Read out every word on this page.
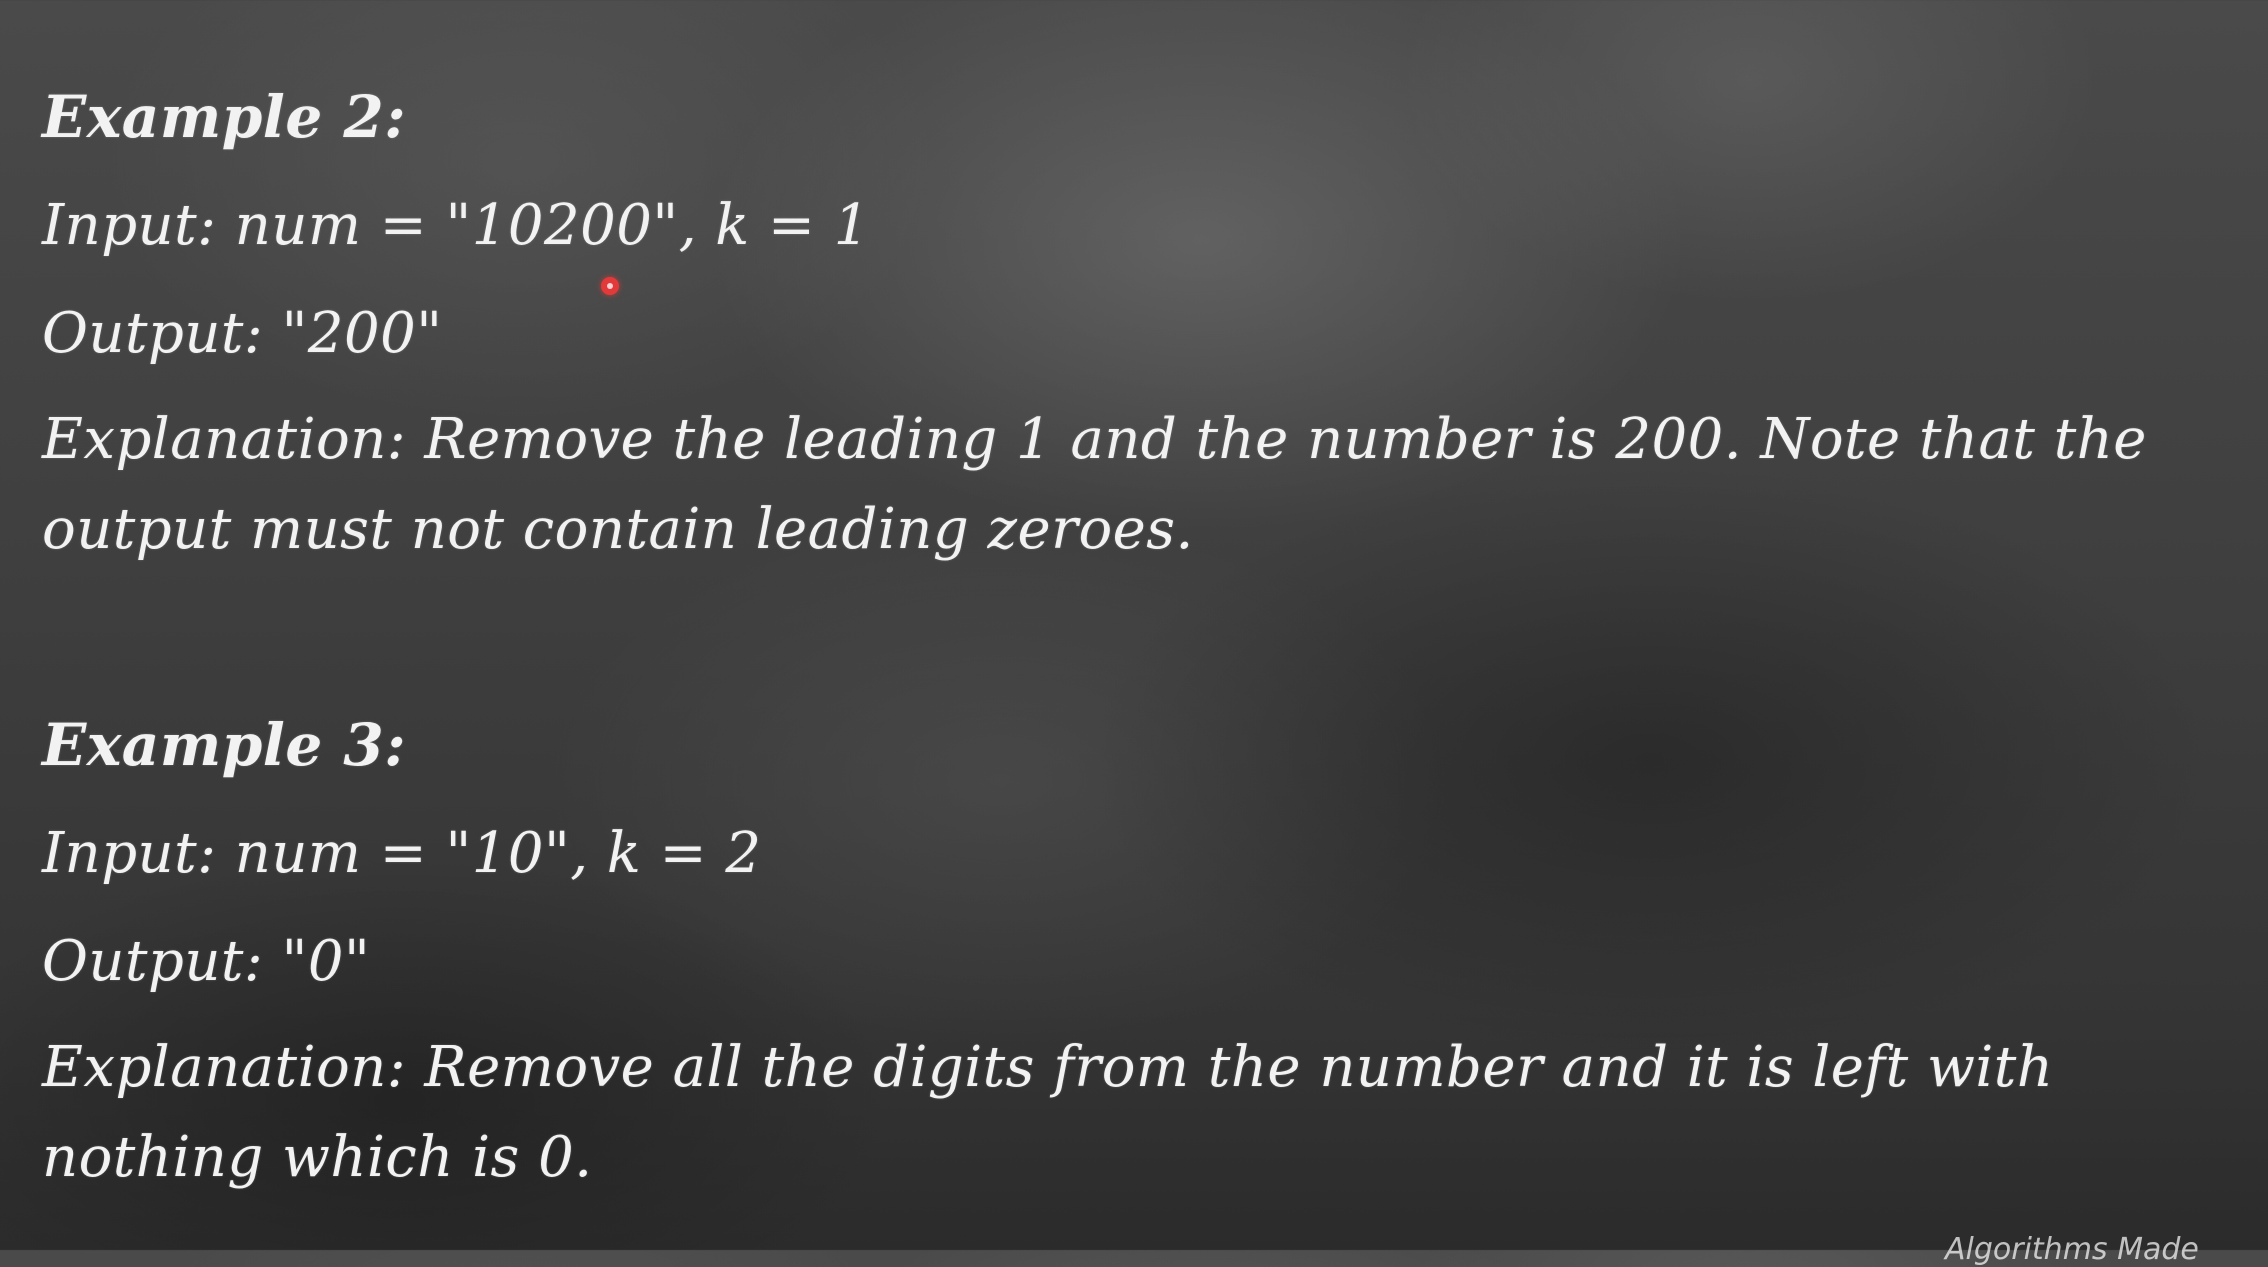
Example 2:
Input: num = "10200", k = 1
Output: "200"
Explanation: Remove the leading 1 and the number is 200. Note that the
output must not contain leading zeroes.
Example 3:
Input: num = "10", k = 2
Output: "0"
Explanation: Remove all the digits from the number and it is left with
nothing which is 0.
Algorithms Made
